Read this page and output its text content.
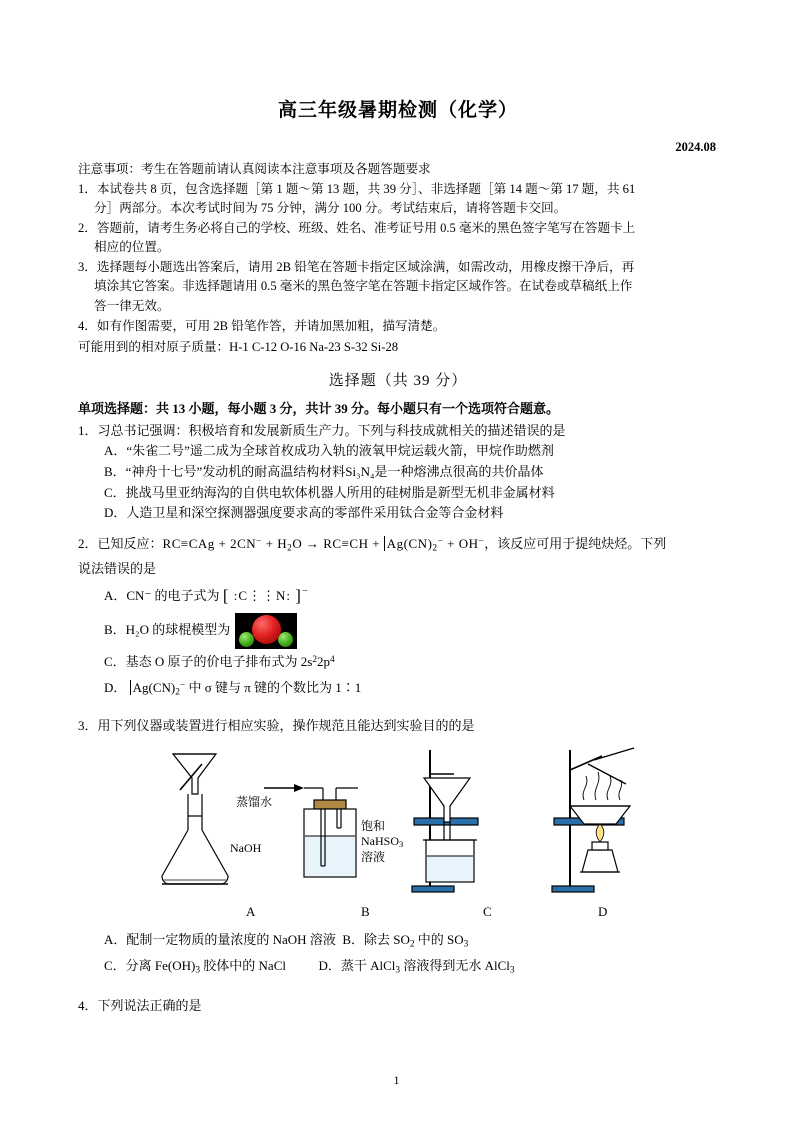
高三年级暑期检测（化学）
2024.08
注意事项：考生在答题前请认真阅读本注意事项及各题答题要求
1．本试卷共 8 页，包含选择题［第 1 题～第 13 题，共 39 分］、非选择题［第 14 题～第 17 题，共 61
分］两部分。本次考试时间为 75 分钟，满分 100 分。考试结束后，请将答题卡交回。
2．答题前，请考生务必将自己的学校、班级、姓名、准考证号用 0.5 毫米的黑色签字笔写在答题卡上
相应的位置。
3．选择题每小题选出答案后，请用 2B 铅笔在答题卡指定区域涂满，如需改动，用橡皮擦干净后，再
填涂其它答案。非选择题请用 0.5 毫米的黑色签字笔在答题卡指定区域作答。在试卷或草稿纸上作
答一律无效。
4．如有作图需要，可用 2B 铅笔作答，并请加黑加粗，描写清楚。
可能用到的相对原子质量：H-1 C-12 O-16 Na-23 S-32 Si-28
选择题（共 39 分）
单项选择题：共 13 小题，每小题 3 分，共计 39 分。每小题只有一个选项符合题意。
1．习总书记强调：积极培育和发展新质生产力。下列与科技成就相关的描述错误的是
A．“朱雀二号”遥二成为全球首枚成功入轨的液氧甲烷运载火箭，甲烷作助燃剂
B．“神舟十七号”发动机的耐高温结构材料Si₃N₄是一种熔沸点很高的共价晶体
C．挑战马里亚纳海沟的自供电软体机器人所用的硅树脂是新型无机非金属材料
D．人造卫星和深空探测器强度要求高的零部件采用钛合金等合金材料
2．已知反应：$RC\equiv CAg + 2CN^- + H_2O \to RC\equiv CH + Ag(CN)_2^- + OH^-$，该反应可用于提纯炔烃。下列
说法错误的是
A．CN⁻ 的电子式为 [ :C⋮⋮N: ]−
B．H₂O 的球棍模型为
C．基态 O 原子的价电子排布式为 $2s^22p^4$
D． $Ag(CN)_2^-$ 中 σ 键与 π 键的个数比为 1∶1
3．用下列仪器或装置进行相应实验，操作规范且能达到实验目的的是
蒸馏水
NaOH
饱和
NaHSO$_3$
溶液
A	B	C	D
A．配制一定物质的量浓度的 NaOH 溶液  B．除去 $SO_2$ 中的 $SO_3$
C．分离 $Fe(OH)_3$ 胶体中的 NaCl          D．蒸干 AlCl$_3$ 溶液得到无水 AlCl$_3$
4．下列说法正确的是
1
